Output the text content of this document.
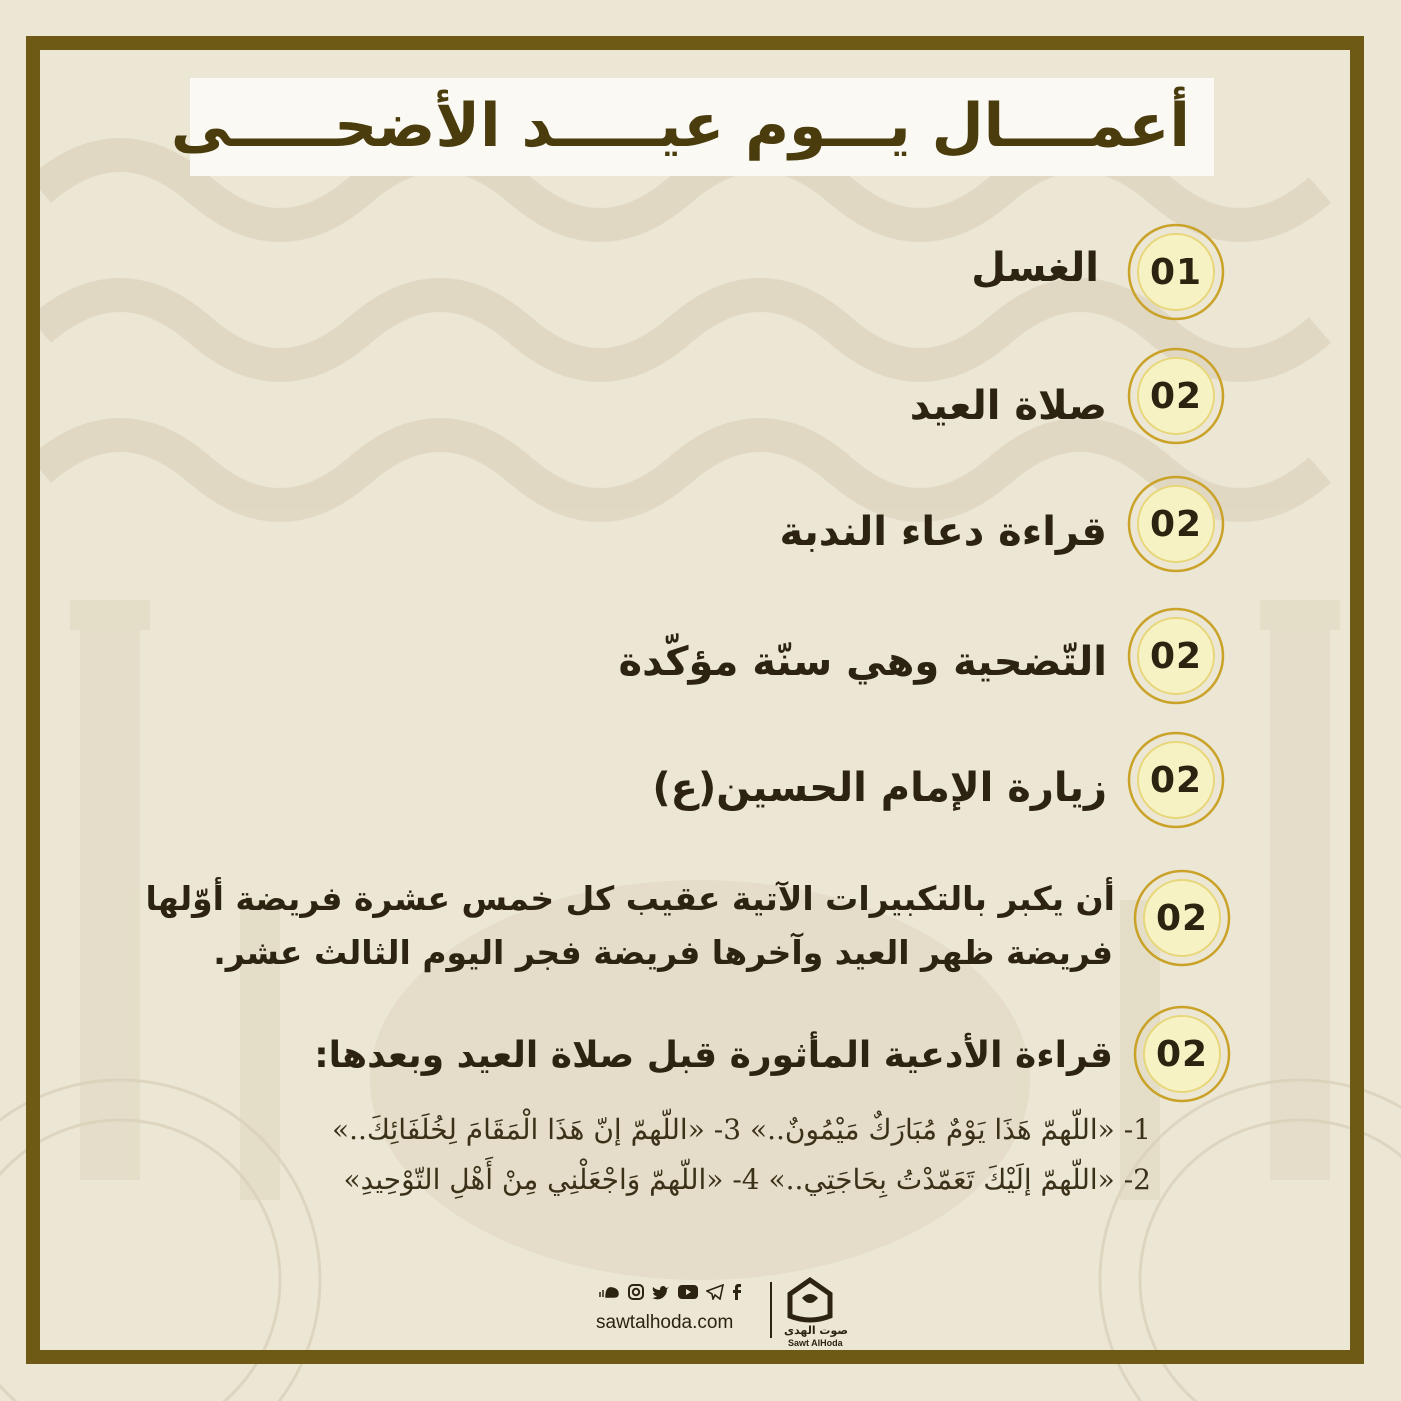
أعمــــال يـــوم عيـــــد الأضحـــــى
01
الغسل
02
صلاة العيد
02
قراءة دعاء الندبة
02
التّضحية وهي سنّة مؤكّدة
02
زيارة الإمام الحسين(ع)
02
أن يكبر بالتكبيرات الآتية عقيب كل خمس عشرة فريضة أوّلها
فريضة ظهر العيد وآخرها فريضة فجر اليوم الثالث عشر.
02
قراءة الأدعية المأثورة قبل صلاة العيد وبعدها:
1- «اللّهمّ هَذَا يَوْمٌ مُبَارَكٌ مَيْمُونٌ..» 3- «اللّهمّ إنّ هَذَا الْمَقَامَ لِخُلَفَائِكَ..»
2- «اللّهمّ إلَيْكَ تَعَمّدْتُ بِحَاجَتِي..» 4- «اللّهمّ وَاجْعَلْنِي مِنْ أَهْلِ التّوْحِيدِ»
sawtalhoda.com	صوت الهدى
Sawt AlHoda
